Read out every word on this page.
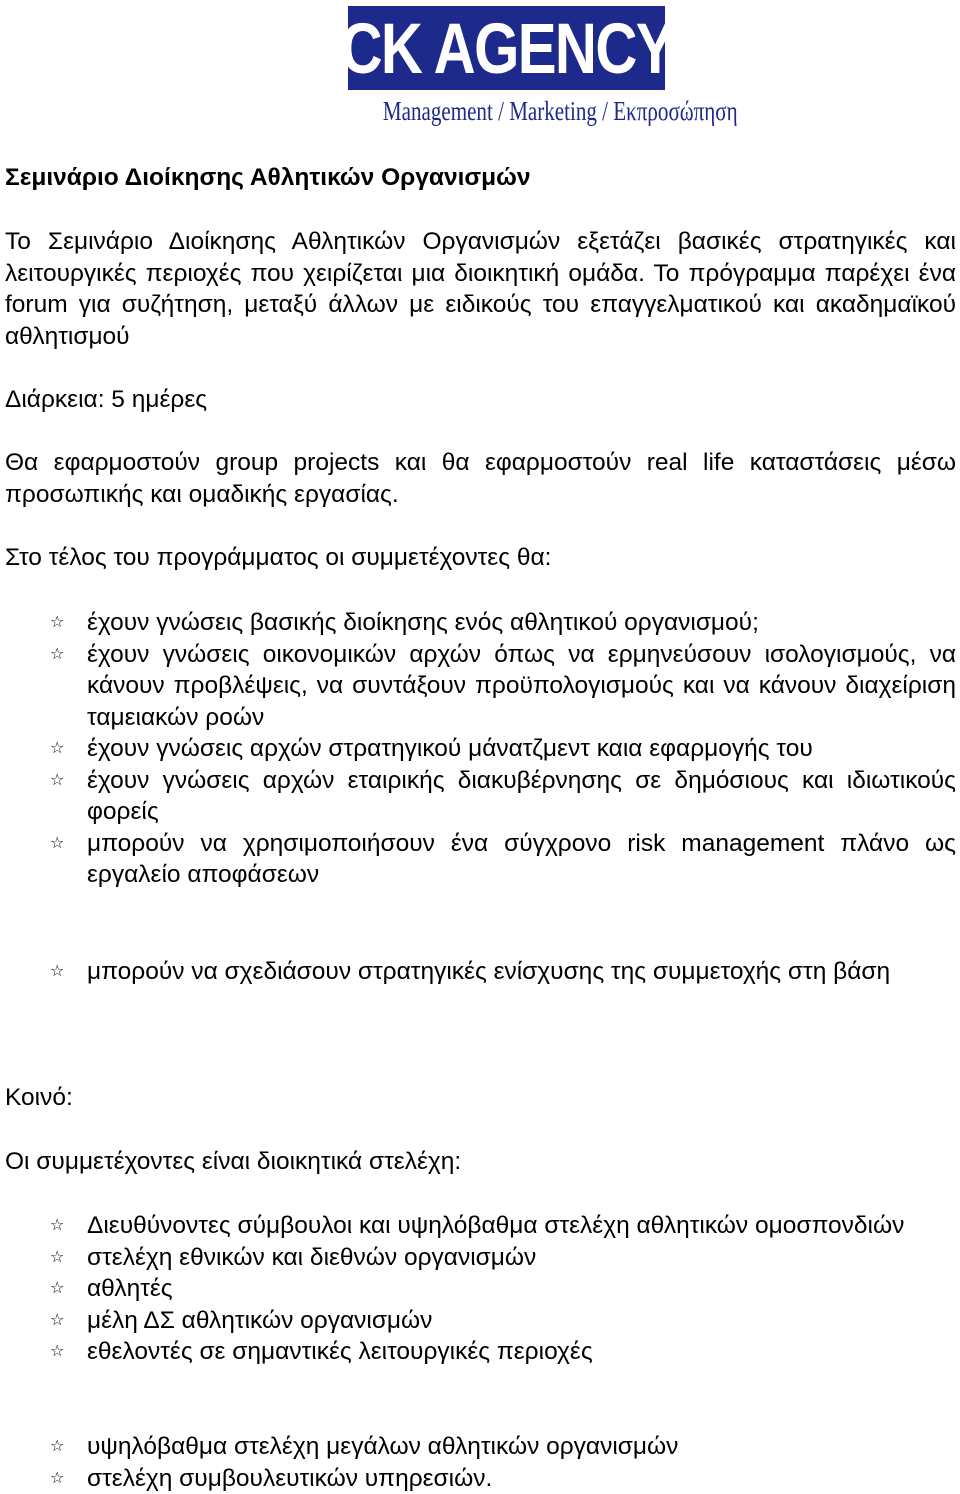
CK AGENCY
Management / Marketing / Εκπροσώπηση

Σεμινάριο Διοίκησης Αθλητικών Οργανισμών

Το Σεμινάριο Διοίκησης Αθλητικών Οργανισμών εξετάζει βασικές στρατηγικές και λειτουργικές περιοχές που χειρίζεται μια διοικητική ομάδα. Το πρόγραμμα παρέχει ένα forum για συζήτηση, μεταξύ άλλων με ειδικούς του επαγγελματικού και ακαδημαϊκού αθλητισμού

Διάρκεια: 5 ημέρες

Θα εφαρμοστούν group projects και θα εφαρμοστούν real life καταστάσεις μέσω προσωπικής και ομαδικής εργασίας.

Στο τέλος του προγράμματος οι συμμετέχοντες θα:

☆ έχουν γνώσεις βασικής διοίκησης ενός αθλητικού οργανισμού;
☆ έχουν γνώσεις οικονομικών αρχών όπως να ερμηνεύσουν ισολογισμούς, να κάνουν προβλέψεις, να συντάξουν προϋπολογισμούς και να κάνουν διαχείριση ταμειακών ροών
☆ έχουν γνώσεις αρχών στρατηγικού μάνατζμεντ καια εφαρμογής του
☆ έχουν γνώσεις αρχών εταιρικής διακυβέρνησης σε δημόσιους και ιδιωτικούς φορείς
☆ μπορούν να χρησιμοποιήσουν ένα σύγχρονο risk management πλάνο ως εργαλείο αποφάσεων
☆ μπορούν να σχεδιάσουν στρατηγικές ενίσχυσης της συμμετοχής στη βάση

Κοινό:

Οι συμμετέχοντες είναι διοικητικά στελέχη:

☆ Διευθύνοντες σύμβουλοι και υψηλόβαθμα στελέχη αθλητικών ομοσπονδιών
☆ στελέχη εθνικών και διεθνών οργανισμών
☆ αθλητές
☆ μέλη ΔΣ αθλητικών οργανισμών
☆ εθελοντές σε σημαντικές λειτουργικές περιοχές
☆ υψηλόβαθμα στελέχη μεγάλων αθλητικών οργανισμών
☆ στελέχη συμβουλευτικών υπηρεσιών.
